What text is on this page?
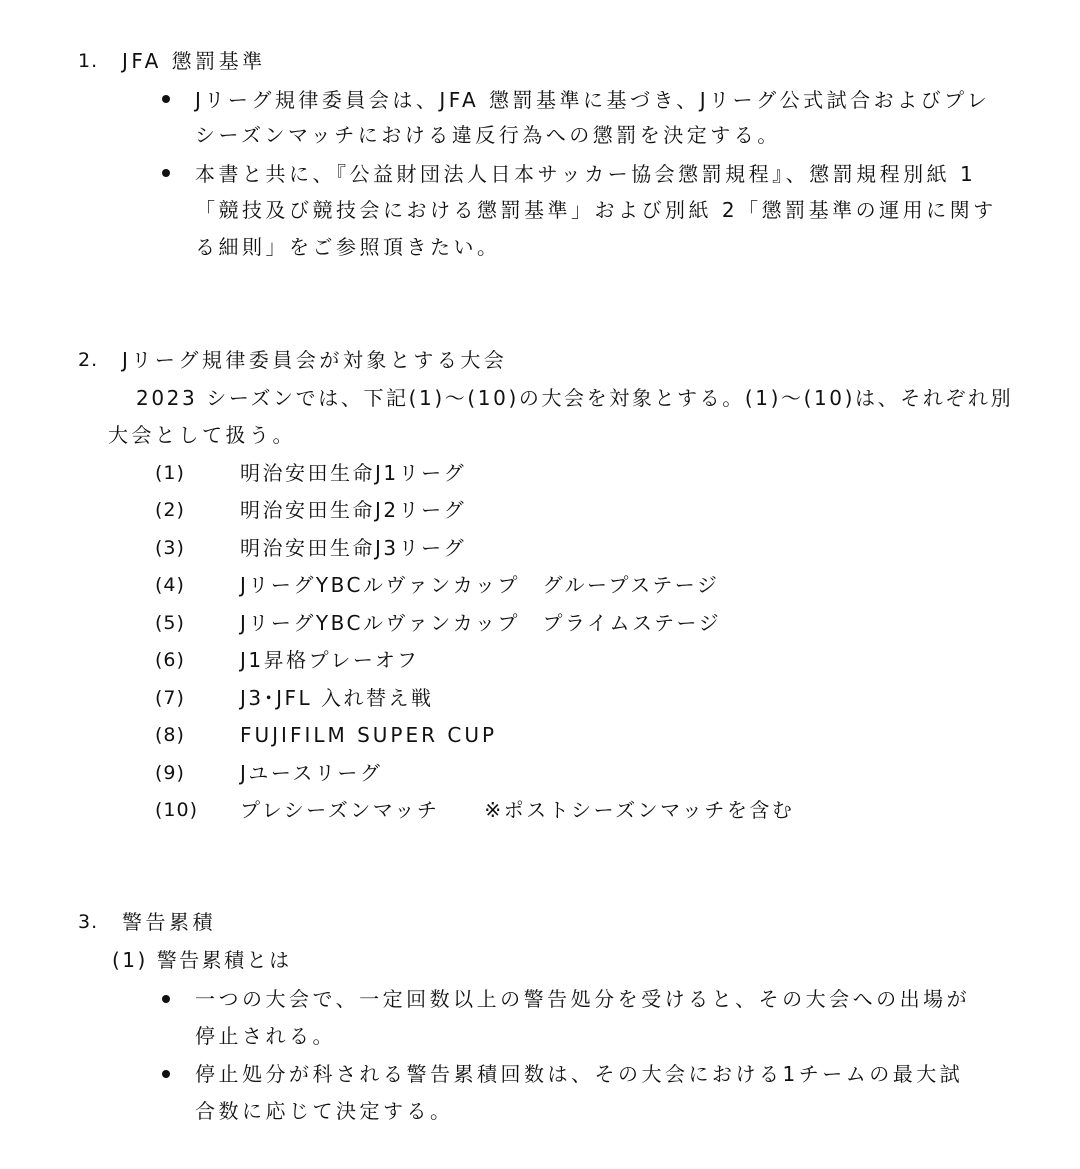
1. JFA 懲罰基準
Jリーグ規律委員会は、JFA 懲罰基準に基づき、Jリーグ公式試合およびプレ
シーズンマッチにおける違反行為への懲罰を決定する。
本書と共に、『公益財団法人日本サッカー協会懲罰規程』、懲罰規程別紙 1
「競技及び競技会における懲罰基準」および別紙 2「懲罰基準の運用に関す
る細則」をご参照頂きたい。
2. Jリーグ規律委員会が対象とする大会
2023 シーズンでは、下記(1)～(10)の大会を対象とする。(1)～(10)は、それぞれ別
大会として扱う。
(1)	明治安田生命J1リーグ
(2)	明治安田生命J2リーグ
(3)	明治安田生命J3リーグ
(4)	JリーグYBCルヴァンカップ　グループステージ
(5)	JリーグYBCルヴァンカップ　プライムステージ
(6)	J1昇格プレーオフ
(7)	J3･JFL 入れ替え戦
(8)	FUJIFILM SUPER CUP
(9)	Jユースリーグ
(10) プレシーズンマッチ　　※ポストシーズンマッチを含む
3. 警告累積
(1) 警告累積とは
一つの大会で、一定回数以上の警告処分を受けると、その大会への出場が
停止される。
停止処分が科される警告累積回数は、その大会における1チームの最大試
合数に応じて決定する。
